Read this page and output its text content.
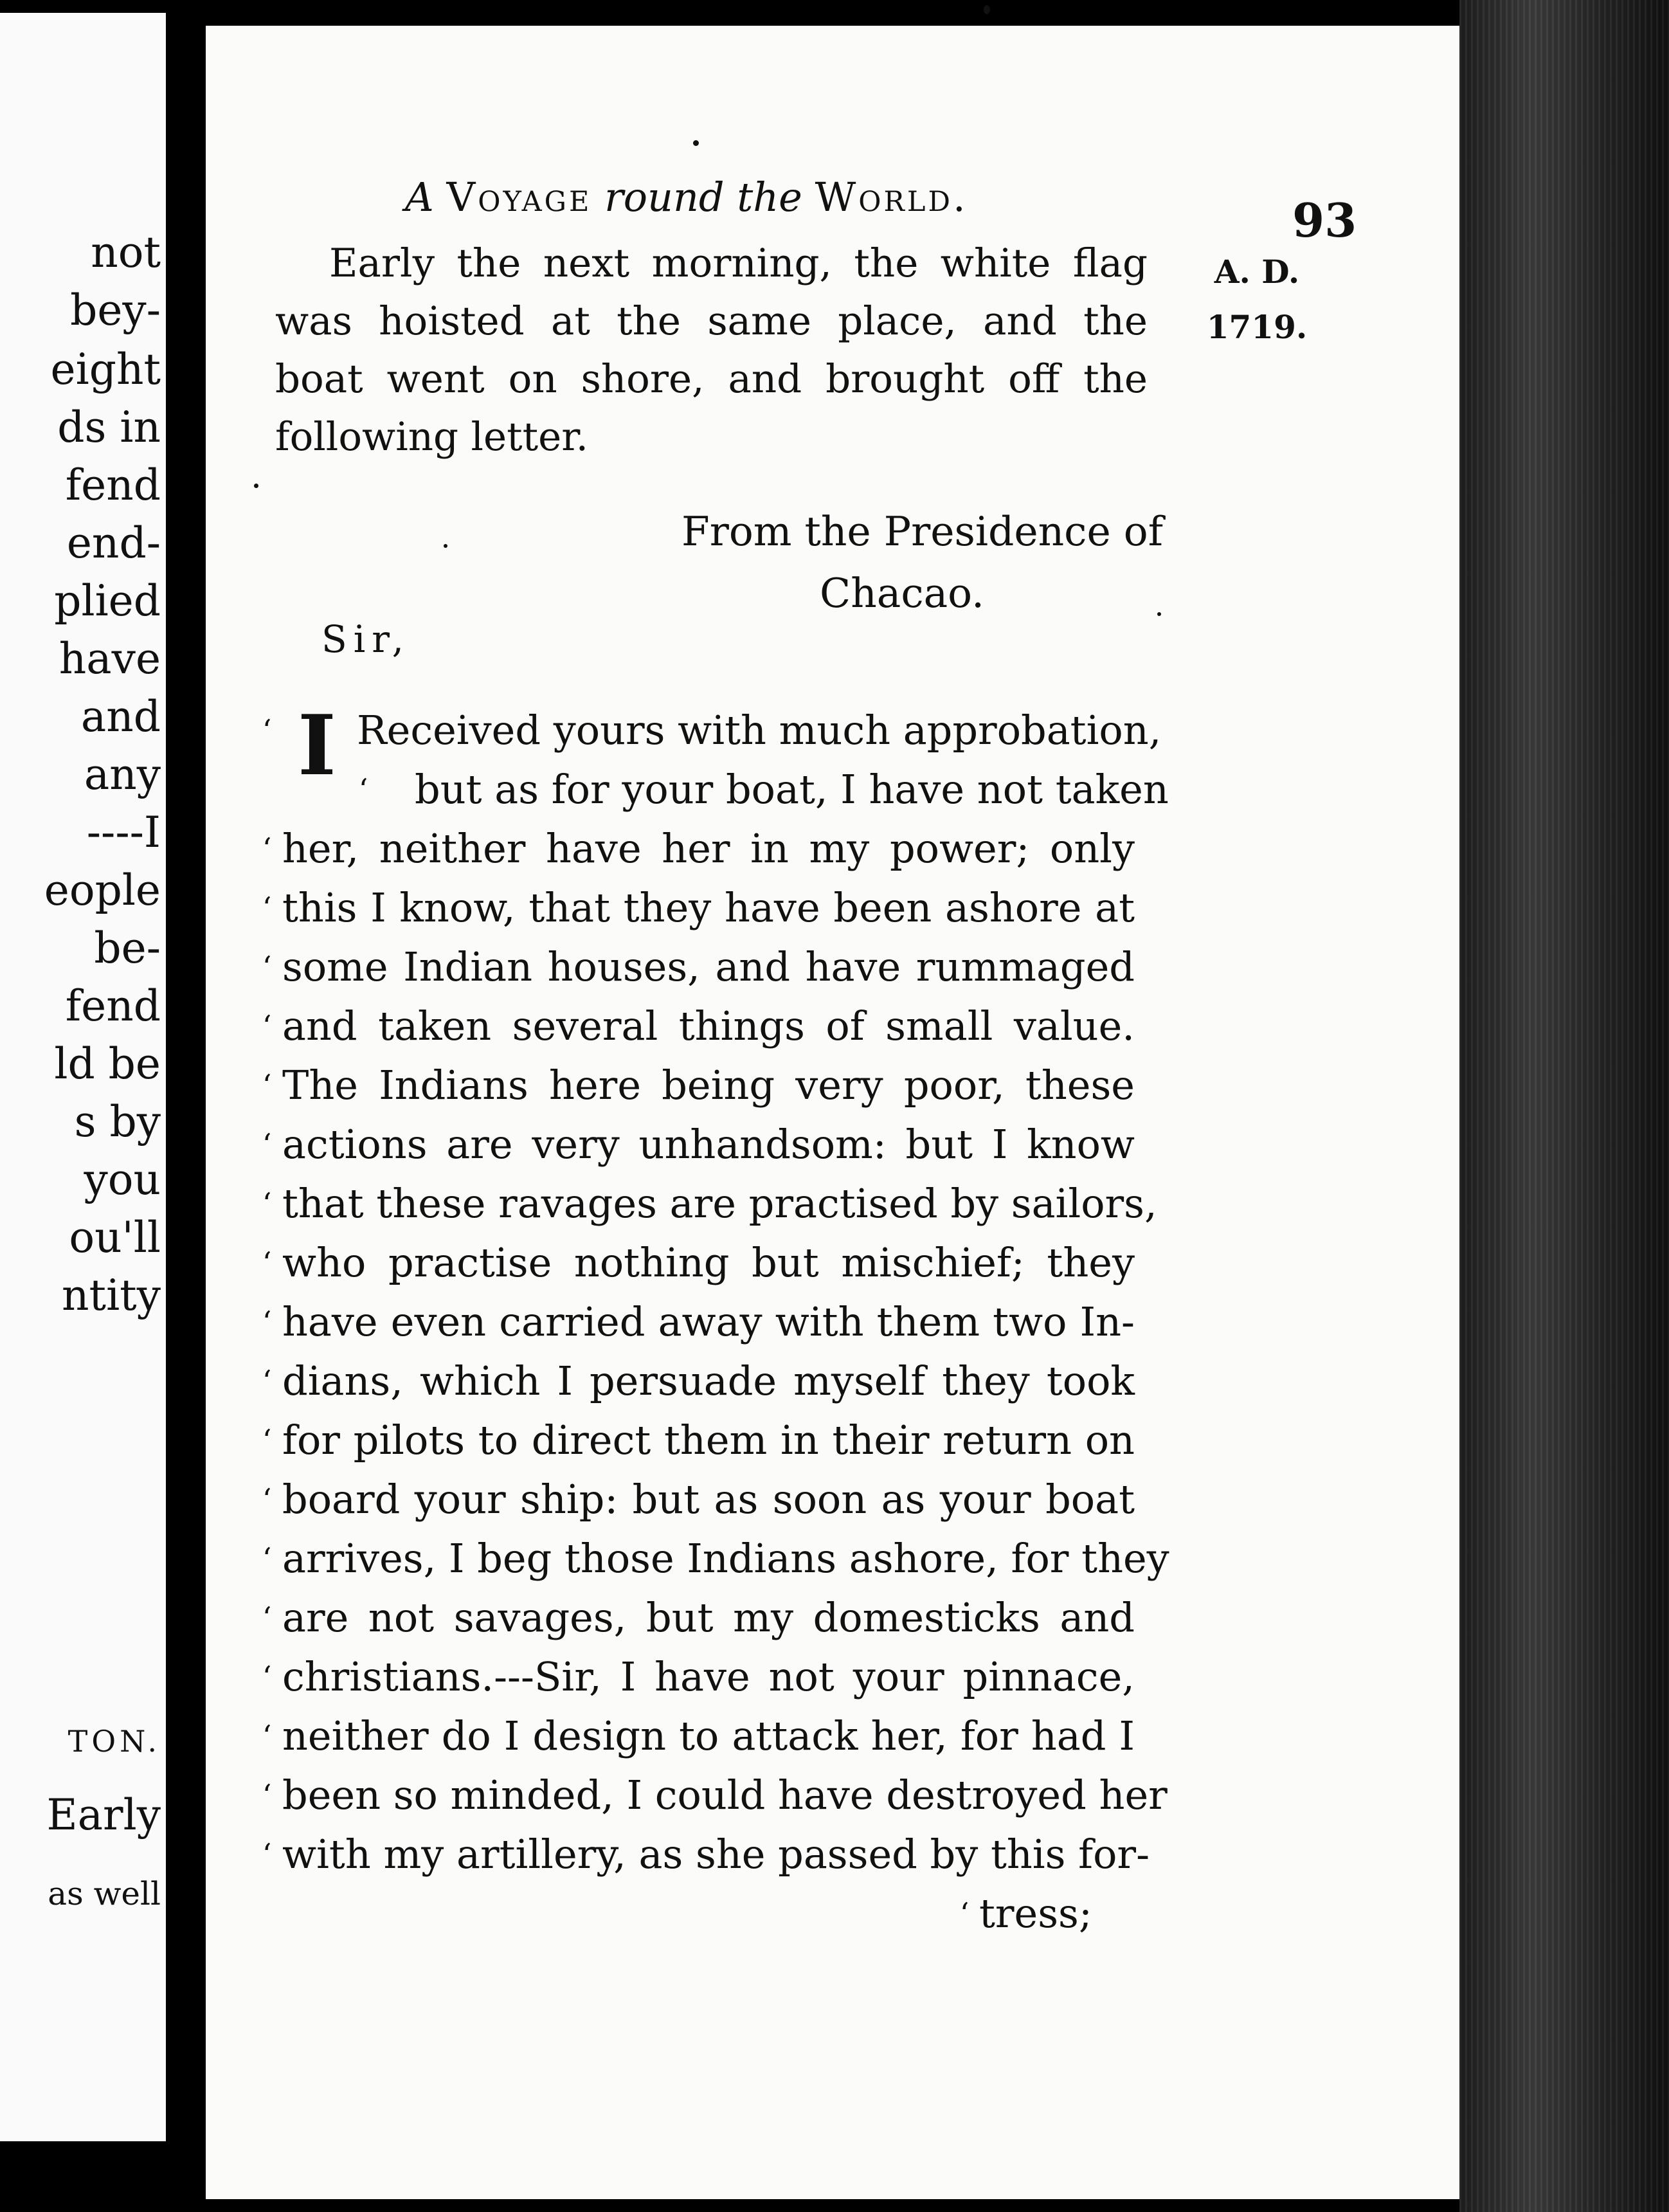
not

bey-

eight

ds in

fend

end-

plied

have

and

any

----I

eople

be-

fend

ld be

s by

you

ou'll

ntity

TON.

Early

as well

A Voyage round the World.	93

A. D.

1719.

Early the next morning, the white flag was hoisted at the same place, and the boat went on shore, and brought off the following letter.

From the Presidence of

Chacao.

Sir,

‘ I Received yours with much approbation,
‘ but as for your boat, I have not taken
‘ her, neither have her in my power; only
‘ this I know, that they have been ashore at
‘ some Indian houses, and have rummaged
‘ and taken several things of small value.
‘ The Indians here being very poor, these
‘ actions are very unhandsom: but I know
‘ that these ravages are practised by sailors,
‘ who practise nothing but mischief; they
‘ have even carried away with them two In-
‘ dians, which I persuade myself they took
‘ for pilots to direct them in their return on
‘ board your ship: but as soon as your boat
‘ arrives, I beg those Indians ashore, for they
‘ are not savages, but my domesticks and
‘ christians.---Sir, I have not your pinnace,
‘ neither do I design to attack her, for had I
‘ been so minded, I could have destroyed her
‘ with my artillery, as she passed by this for-
‘ tress;
